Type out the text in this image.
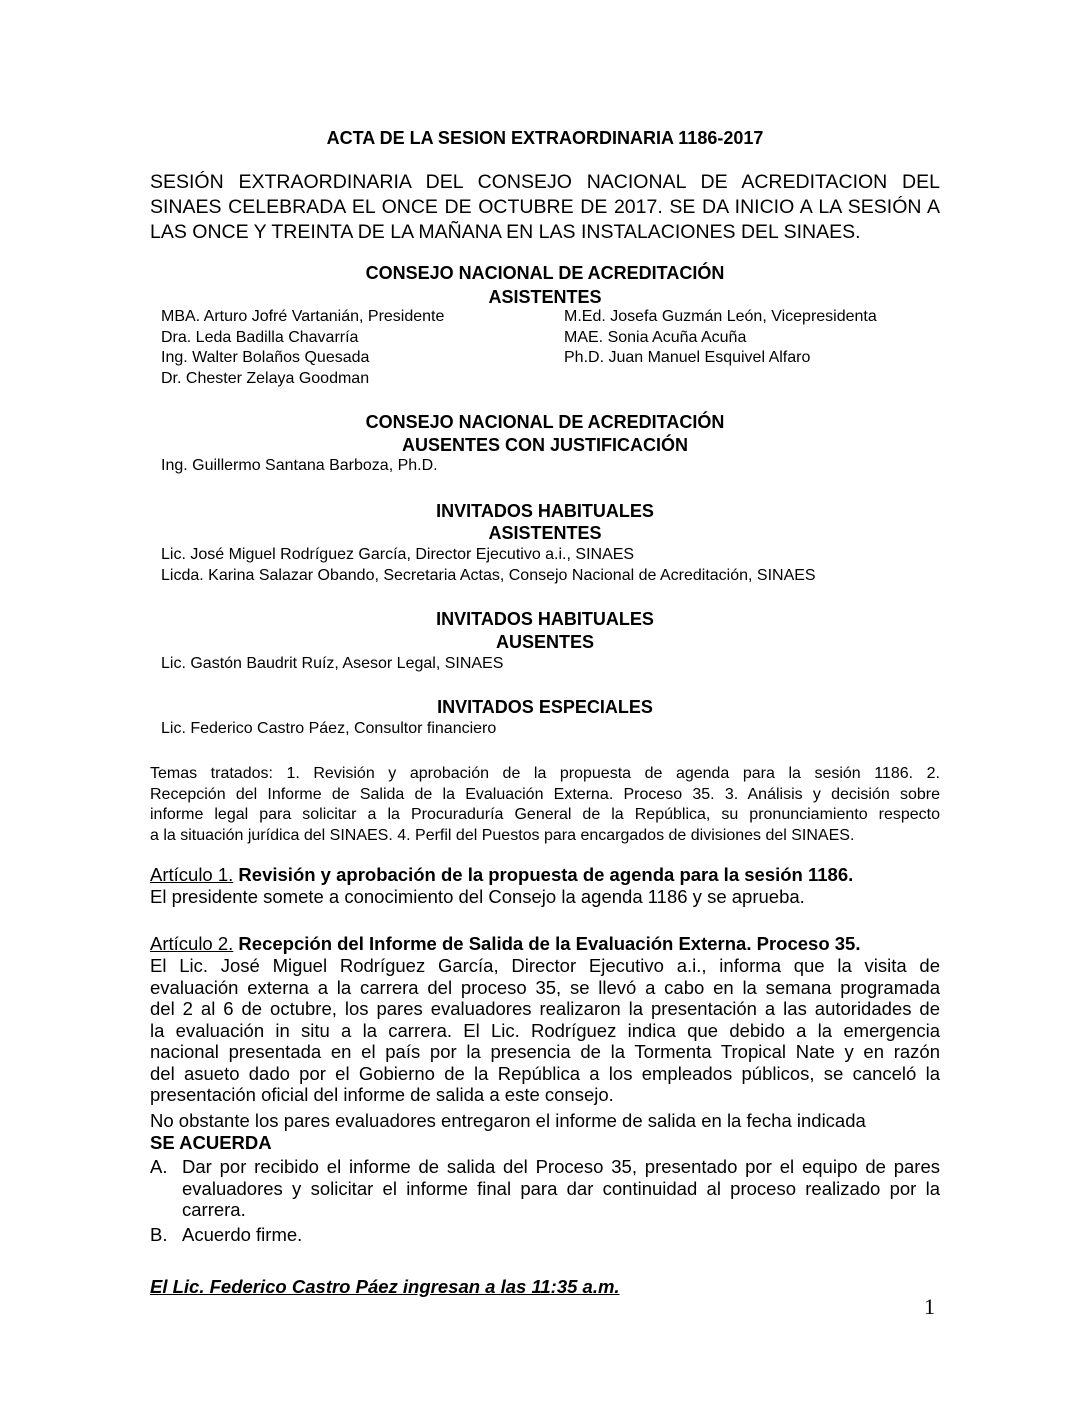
ACTA DE LA SESION EXTRAORDINARIA 1186-2017

SESIÓN EXTRAORDINARIA DEL CONSEJO NACIONAL DE ACREDITACION DEL SINAES CELEBRADA EL ONCE DE OCTUBRE DE 2017. SE DA INICIO A LA SESIÓN A LAS ONCE Y TREINTA DE LA MAÑANA EN LAS INSTALACIONES DEL SINAES.

CONSEJO NACIONAL DE ACREDITACIÓN

ASISTENTES

MBA. Arturo Jofré Vartanián, Presidente

Dra. Leda Badilla Chavarría

Ing. Walter Bolaños Quesada

Dr. Chester Zelaya Goodman

M.Ed. Josefa Guzmán León, Vicepresidenta

MAE. Sonia Acuña Acuña

Ph.D. Juan Manuel Esquivel Alfaro

CONSEJO NACIONAL DE ACREDITACIÓN

AUSENTES CON JUSTIFICACIÓN

Ing. Guillermo Santana Barboza, Ph.D.

INVITADOS HABITUALES

ASISTENTES

Lic. José Miguel Rodríguez García, Director Ejecutivo a.i., SINAES

Licda. Karina Salazar Obando, Secretaria Actas, Consejo Nacional de Acreditación, SINAES

INVITADOS HABITUALES

AUSENTES

Lic. Gastón Baudrit Ruíz, Asesor Legal, SINAES

INVITADOS ESPECIALES

Lic. Federico Castro Páez, Consultor financiero

Temas tratados: 1. Revisión y aprobación de la propuesta de agenda para la sesión 1186. 2.
Recepción del Informe de Salida de la Evaluación Externa. Proceso 35. 3. Análisis y decisión sobre
informe legal para solicitar a la Procuraduría General de la República, su pronunciamiento respecto
a la situación jurídica del SINAES. 4. Perfil del Puestos para encargados de divisiones del SINAES.

Artículo 1. Revisión y aprobación de la propuesta de agenda para la sesión 1186.

El presidente somete a conocimiento del Consejo la agenda 1186 y se aprueba.

Artículo 2. Recepción del Informe de Salida de la Evaluación Externa. Proceso 35.

El Lic. José Miguel Rodríguez García, Director Ejecutivo a.i., informa que la visita de
evaluación externa a la carrera del proceso 35, se llevó a cabo en la semana programada
del 2 al 6 de octubre, los pares evaluadores realizaron la presentación a las autoridades de
la evaluación in situ a la carrera. El Lic. Rodríguez indica que debido a la emergencia
nacional presentada en el país por la presencia de la Tormenta Tropical Nate y en razón
del asueto dado por el Gobierno de la República a los empleados públicos, se canceló la
presentación oficial del informe de salida a este consejo.

No obstante los pares evaluadores entregaron el informe de salida en la fecha indicada

SE ACUERDA

A. Dar por recibido el informe de salida del Proceso 35, presentado por el equipo de pares evaluadores y solicitar el informe final para dar continuidad al proceso realizado por la carrera.
B. Acuerdo firme.

El Lic. Federico Castro Páez ingresan a las 11:35 a.m.

1
